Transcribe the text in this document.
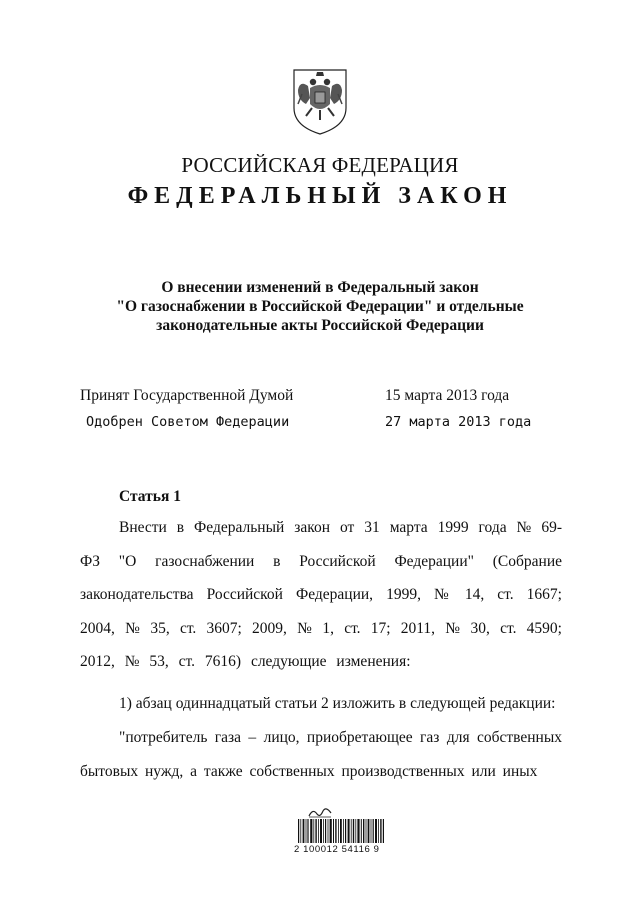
РОССИЙСКАЯ ФЕДЕРАЦИЯ
ФЕДЕРАЛЬНЫЙ ЗАКОН
О внесении изменений в Федеральный закон
"О газоснабжении в Российской Федерации" и отдельные
законодательные акты Российской Федерации
Принят Государственной Думой	15 марта 2013 года
Одобрен Советом Федерации	27 марта 2013 года
Статья 1
Внести в Федеральный закон от 31 марта 1999 года № 69-ФЗ "О газоснабжении в Российской Федерации" (Собрание законодательства Российской Федерации, 1999, № 14, ст. 1667; 2004, № 35, ст. 3607; 2009, № 1, ст. 17; 2011, № 30, ст. 4590; 2012, № 53, ст. 7616) следующие изменения:
1) абзац одиннадцатый статьи 2 изложить в следующей редакции:
"потребитель газа – лицо, приобретающее газ для собственных бытовых нужд, а также собственных производственных или иных
2 100012 54116 9
